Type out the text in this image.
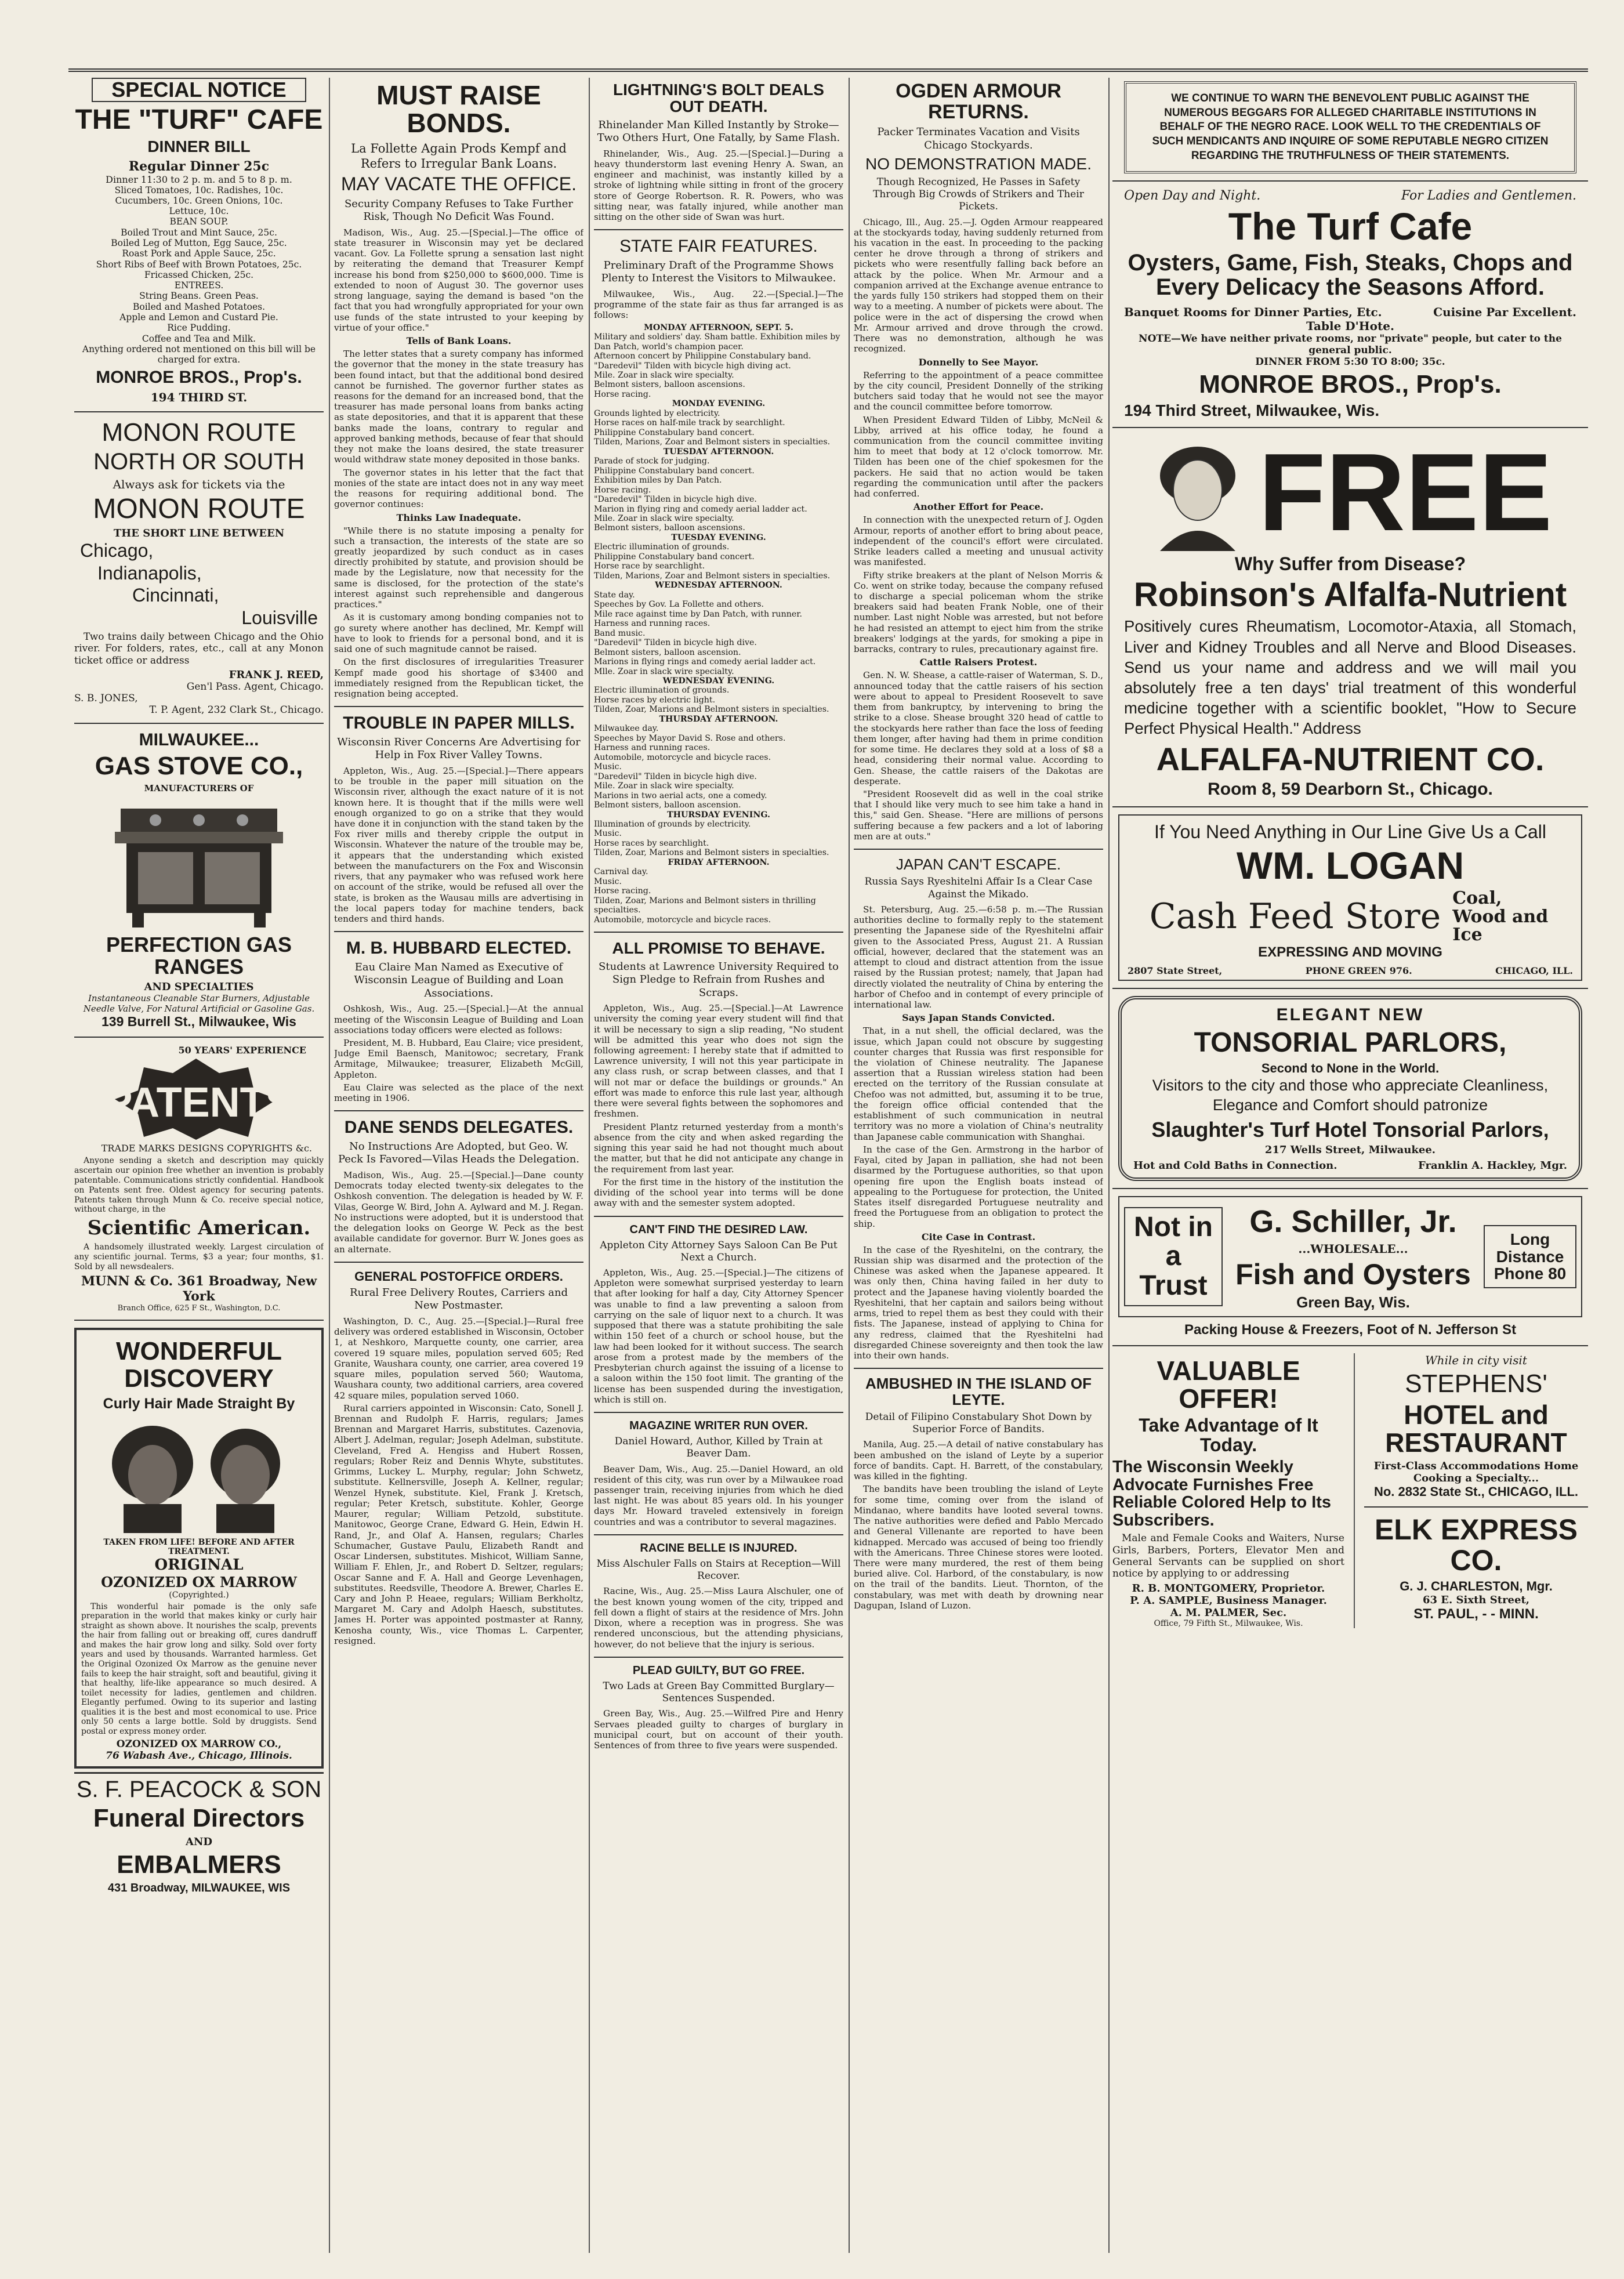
SPECIAL NOTICE
THE "TURF" CAFE
DINNER BILL
Regular Dinner 25c
Dinner 11:30 to 2 p. m. and 5 to 8 p. m.
Sliced Tomatoes, 10c. Radishes, 10c.
Cucumbers, 10c. Green Onions, 10c.
Lettuce, 10c.
BEAN SOUP.
Boiled Trout and Mint Sauce, 25c.
Boiled Leg of Mutton, Egg Sauce, 25c.
Roast Pork and Apple Sauce, 25c.
Short Ribs of Beef with Brown Potatoes, 25c.
Fricassed Chicken, 25c.
ENTREES.
String Beans. Green Peas.
Boiled and Mashed Potatoes.
Apple and Lemon and Custard Pie.
Rice Pudding.
Coffee and Tea and Milk.
Anything ordered not mentioned on this bill will be charged for extra.
MONROE BROS., Prop's.
194 THIRD ST.
MONON ROUTE
NORTH OR SOUTH
Always ask for tickets via the
MONON ROUTE
THE SHORT LINE BETWEEN
Chicago,
Indianapolis,
Cincinnati,
Louisville
Two trains daily between Chicago and the Ohio river. For folders, rates, etc., call at any Monon ticket office or address
FRANK J. REED,
Gen'l Pass. Agent, Chicago.
S. B. JONES,
T. P. Agent, 232 Clark St., Chicago.
MILWAUKEE...
GAS STOVE CO.,
MANUFACTURERS OF
PERFECTION GAS RANGES
AND SPECIALTIES
Instantaneous Cleanable Star Burners, Adjustable Needle Valve, For Natural Artificial or Gasoline Gas.
139 Burrell St., Milwaukee, Wis
50 YEARS' EXPERIENCE
PATENTS
TRADE MARKS DESIGNS COPYRIGHTS &c.
Anyone sending a sketch and description may quickly ascertain our opinion free whether an invention is probably patentable. Communications strictly confidential. Handbook on Patents sent free. Oldest agency for securing patents. Patents taken through Munn & Co. receive special notice, without charge, in the
Scientific American.
A handsomely illustrated weekly. Largest circulation of any scientific journal. Terms, $3 a year; four months, $1. Sold by all newsdealers.
MUNN & Co. 361 Broadway, New York
Branch Office, 625 F St., Washington, D.C.
WONDERFUL DISCOVERY
Curly Hair Made Straight By
TAKEN FROM LIFE! BEFORE AND AFTER TREATMENT.
ORIGINAL
OZONIZED OX MARROW
(Copyrighted.)
This wonderful hair pomade is the only safe preparation in the world that makes kinky or curly hair straight as shown above. It nourishes the scalp, prevents the hair from falling out or breaking off, cures dandruff and makes the hair grow long and silky. Sold over forty years and used by thousands. Warranted harmless. Get the Original Ozonized Ox Marrow as the genuine never fails to keep the hair straight, soft and beautiful, giving it that healthy, life-like appearance so much desired. A toilet necessity for ladies, gentlemen and children. Elegantly perfumed. Owing to its superior and lasting qualities it is the best and most economical to use. Price only 50 cents a large bottle. Sold by druggists. Send postal or express money order.
OZONIZED OX MARROW CO.,
76 Wabash Ave., Chicago, Illinois.
S. F. PEACOCK & SON
Funeral Directors
AND
EMBALMERS
431 Broadway, MILWAUKEE, WIS
MUST RAISE BONDS.
La Follette Again Prods Kempf and Refers to Irregular Bank Loans.
MAY VACATE THE OFFICE.
Security Company Refuses to Take Further Risk, Though No Deficit Was Found.

Madison, Wis., Aug. 25.—[Special.]—The office of state treasurer in Wisconsin may yet be declared vacant. Gov. La Follette sprung a sensation last night by reiterating the demand that Treasurer Kempf increase his bond from $250,000 to $600,000. Time is extended to noon of August 30. The governor uses strong language, saying the demand is based "on the fact that you had wrongfully appropriated for your own use funds of the state intrusted to your keeping by virtue of your office."

Tells of Bank Loans.

The letter states that a surety company has informed the governor that the money in the state treasury has been found intact, but that the additional bond desired cannot be furnished. The governor further states as reasons for the demand for an increased bond, that the treasurer has made personal loans from banks acting as state depositories, and that it is apparent that these banks made the loans, contrary to regular and approved banking methods, because of fear that should they not make the loans desired, the state treasurer would withdraw state money deposited in those banks.

The governor states in his letter that the fact that monies of the state are intact does not in any way meet the reasons for requiring additional bond. The governor continues:

Thinks Law Inadequate.

"While there is no statute imposing a penalty for such a transaction, the interests of the state are so greatly jeopardized by such conduct as in cases directly prohibited by statute, and provision should be made by the Legislature, now that necessity for the same is disclosed, for the protection of the state's interest against such reprehensible and dangerous practices."

As it is customary among bonding companies not to go surety where another has declined, Mr. Kempf will have to look to friends for a personal bond, and it is said one of such magnitude cannot be raised.

On the first disclosures of irregularities Treasurer Kempf made good his shortage of $3400 and immediately resigned from the Republican ticket, the resignation being accepted.

TROUBLE IN PAPER MILLS.
Wisconsin River Concerns Are Advertising for Help in Fox River Valley Towns.

Appleton, Wis., Aug. 25.—[Special.]—There appears to be trouble in the paper mill situation on the Wisconsin river, although the exact nature of it is not known here. It is thought that if the mills were well enough organized to go on a strike that they would have done it in conjunction with the stand taken by the Fox river mills and thereby cripple the output in Wisconsin. Whatever the nature of the trouble may be, it appears that the understanding which existed between the manufacturers on the Fox and Wisconsin rivers, that any paymaker who was refused work here on account of the strike, would be refused all over the state, is broken as the Wausau mills are advertising in the local papers today for machine tenders, back tenders and third hands.

M. B. HUBBARD ELECTED.
Eau Claire Man Named as Executive of Wisconsin League of Building and Loan Associations.

Oshkosh, Wis., Aug. 25.—[Special.]—At the annual meeting of the Wisconsin League of Building and Loan associations today officers were elected as follows:

President, M. B. Hubbard, Eau Claire; vice president, Judge Emil Baensch, Manitowoc; secretary, Frank Armitage, Milwaukee; treasurer, Elizabeth McGill, Appleton.

Eau Claire was selected as the place of the next meeting in 1906.

DANE SENDS DELEGATES.
No Instructions Are Adopted, but Geo. W. Peck Is Favored—Vilas Heads the Delegation.

Madison, Wis., Aug. 25.—[Special.]—Dane county Democrats today elected twenty-six delegates to the Oshkosh convention. The delegation is headed by W. F. Vilas, George W. Bird, John A. Aylward and M. J. Regan. No instructions were adopted, but it is understood that the delegation looks on George W. Peck as the best available candidate for governor. Burr W. Jones goes as an alternate.

GENERAL POSTOFFICE ORDERS.
Rural Free Delivery Routes, Carriers and New Postmaster.

Washington, D. C., Aug. 25.—[Special.]—Rural free delivery was ordered established in Wisconsin, October 1, at Neshkoro, Marquette county, one carrier, area covered 19 square miles, population served 605; Red Granite, Waushara county, one carrier, area covered 19 square miles, population served 560; Wautoma, Waushara county, two additional carriers, area covered 42 square miles, population served 1060.

Rural carriers appointed in Wisconsin: Cato, Sonell J. Brennan and Rudolph F. Harris, regulars; James Brennan and Margaret Harris, substitutes. Cazenovia, Albert J. Adelman, regular; Joseph Adelman, substitute. Cleveland, Fred A. Hengiss and Hubert Rossen, regulars; Rober Reiz and Dennis Whyte, substitutes. Grimms, Luckey L. Murphy, regular; John Schwetz, substitute. Kellnersville, Joseph A. Kellner, regular; Wenzel Hynek, substitute. Kiel, Frank J. Kretsch, regular; Peter Kretsch, substitute. Kohler, George Maurer, regular; William Petzold, substitute. Manitowoc, George Crane, Edward G. Hein, Edwin H. Rand, Jr., and Olaf A. Hansen, regulars; Charles Schumacher, Gustave Paulu, Elizabeth Randt and Oscar Lindersen, substitutes. Mishicot, William Sanne, William F. Ehlen, Jr., and Robert D. Seltzer, regulars; Oscar Sanne and F. A. Hall and George Levenhagen, substitutes. Reedsville, Theodore A. Brewer, Charles E. Cary and John P. Heaee, regulars; William Berkholtz, Margaret M. Cary and Adolph Haesch, substitutes. James H. Porter was appointed postmaster at Ranny, Kenosha county, Wis., vice Thomas L. Carpenter, resigned.

LIGHTNING'S BOLT DEALS OUT DEATH.
Rhinelander Man Killed Instantly by Stroke—Two Others Hurt, One Fatally, by Same Flash.

Rhinelander, Wis., Aug. 25.—[Special.]—During a heavy thunderstorm last evening Henry A. Swan, an engineer and machinist, was instantly killed by a stroke of lightning while sitting in front of the grocery store of George Robertson. R. R. Powers, who was sitting near, was fatally injured, while another man sitting on the other side of Swan was hurt.

STATE FAIR FEATURES.
Preliminary Draft of the Programme Shows Plenty to Interest the Visitors to Milwaukee.

Milwaukee, Wis., Aug. 22.—[Special.]—The programme of the state fair as thus far arranged is as follows:

MONDAY AFTERNOON, SEPT. 5.
Military and soldiers' day. Sham battle. Exhibition miles by Dan Patch, world's champion pacer.
Afternoon concert by Philippine Constabulary band.
"Daredevil" Tilden with bicycle high diving act.
Mile. Zoar in slack wire specialty.
Belmont sisters, balloon ascensions.
Horse racing.
MONDAY EVENING.
Grounds lighted by electricity.
Horse races on half-mile track by searchlight.
Philippine Constabulary band concert.
Tilden, Marions, Zoar and Belmont sisters in specialties.
TUESDAY AFTERNOON.
Parade of stock for judging.
Philippine Constabulary band concert.
Exhibition miles by Dan Patch.
Horse racing.
"Daredevil" Tilden in bicycle high dive.
Marion in flying ring and comedy aerial ladder act.
Mile. Zoar in slack wire specialty.
Belmont sisters, balloon ascensions.
TUESDAY EVENING.
Electric illumination of grounds.
Philippine Constabulary band concert.
Horse race by searchlight.
Tilden, Marions, Zoar and Belmont sisters in specialties.
WEDNESDAY AFTERNOON.
State day.
Speeches by Gov. La Follette and others.
Mile race against time by Dan Patch, with runner.
Harness and running races.
Band music.
"Daredevil" Tilden in bicycle high dive.
Belmont sisters, balloon ascension.
Marions in flying rings and comedy aerial ladder act.
Mlle. Zoar in slack wire specialty.
WEDNESDAY EVENING.
Electric illumination of grounds.
Horse races by electric light.
Tilden, Zoar, Marions and Belmont sisters in specialties.
THURSDAY AFTERNOON.
Milwaukee day.
Speeches by Mayor David S. Rose and others.
Harness and running races.
Automobile, motorcycle and bicycle races.
Music.
"Daredevil" Tilden in bicycle high dive.
Mile. Zoar in slack wire specialty.
Marions in two aerial acts, one a comedy.
Belmont sisters, balloon ascension.
THURSDAY EVENING.
Illumination of grounds by electricity.
Music.
Horse races by searchlight.
Tilden, Zoar, Marions and Belmont sisters in specialties.
FRIDAY AFTERNOON.
Carnival day.
Music.
Horse racing.
Tilden, Zoar, Marions and Belmont sisters in thrilling specialties.
Automobile, motorcycle and bicycle races.
ALL PROMISE TO BEHAVE.
Students at Lawrence University Required to Sign Pledge to Refrain from Rushes and Scraps.

Appleton, Wis., Aug. 25.—[Special.]—At Lawrence university the coming year every student will find that it will be necessary to sign a slip reading, "No student will be admitted this year who does not sign the following agreement: I hereby state that if admitted to Lawrence university, I will not this year participate in any class rush, or scrap between classes, and that I will not mar or deface the buildings or grounds." An effort was made to enforce this rule last year, although there were several fights between the sophomores and freshmen.

President Plantz returned yesterday from a month's absence from the city and when asked regarding the signing this year said he had not thought much about the matter, but that he did not anticipate any change in the requirement from last year.

For the first time in the history of the institution the dividing of the school year into terms will be done away with and the semester system adopted.

CAN'T FIND THE DESIRED LAW.
Appleton City Attorney Says Saloon Can Be Put Next a Church.

Appleton, Wis., Aug. 25.—[Special.]—The citizens of Appleton were somewhat surprised yesterday to learn that after looking for half a day, City Attorney Spencer was unable to find a law preventing a saloon from carrying on the sale of liquor next to a church. It was supposed that there was a statute prohibiting the sale within 150 feet of a church or school house, but the law had been looked for it without success. The search arose from a protest made by the members of the Presbyterian church against the issuing of a license to a saloon within the 150 foot limit. The granting of the license has been suspended during the investigation, which is still on.

MAGAZINE WRITER RUN OVER.
Daniel Howard, Author, Killed by Train at Beaver Dam.

Beaver Dam, Wis., Aug. 25.—Daniel Howard, an old resident of this city, was run over by a Milwaukee road passenger train, receiving injuries from which he died last night. He was about 85 years old. In his younger days Mr. Howard traveled extensively in foreign countries and was a contributor to several magazines.

RACINE BELLE IS INJURED.
Miss Alschuler Falls on Stairs at Reception—Will Recover.

Racine, Wis., Aug. 25.—Miss Laura Alschuler, one of the best known young women of the city, tripped and fell down a flight of stairs at the residence of Mrs. John Dixon, where a reception was in progress. She was rendered unconscious, but the attending physicians, however, do not believe that the injury is serious.

PLEAD GUILTY, BUT GO FREE.
Two Lads at Green Bay Committed Burglary—Sentences Suspended.

Green Bay, Wis., Aug. 25.—Wilfred Pire and Henry Servaes pleaded guilty to charges of burglary in municipal court, but on account of their youth. Sentences of from three to five years were suspended.

OGDEN ARMOUR RETURNS.
Packer Terminates Vacation and Visits Chicago Stockyards.
NO DEMONSTRATION MADE.
Though Recognized, He Passes in Safety Through Big Crowds of Strikers and Their Pickets.

Chicago, Ill., Aug. 25.—J. Ogden Armour reappeared at the stockyards today, having suddenly returned from his vacation in the east. In proceeding to the packing center he drove through a throng of strikers and pickets who were resentfully falling back before an attack by the police. When Mr. Armour and a companion arrived at the Exchange avenue entrance to the yards fully 150 strikers had stopped them on their way to a meeting. A number of pickets were about. The police were in the act of dispersing the crowd when Mr. Armour arrived and drove through the crowd. There was no demonstration, although he was recognized.

Donnelly to See Mayor.

Referring to the appointment of a peace committee by the city council, President Donnelly of the striking butchers said today that he would not see the mayor and the council committee before tomorrow.

When President Edward Tilden of Libby, McNeil & Libby, arrived at his office today, he found a communication from the council committee inviting him to meet that body at 12 o'clock tomorrow. Mr. Tilden has been one of the chief spokesmen for the packers. He said that no action would be taken regarding the communication until after the packers had conferred.

Another Effort for Peace.

In connection with the unexpected return of J. Ogden Armour, reports of another effort to bring about peace, independent of the council's effort were circulated. Strike leaders called a meeting and unusual activity was manifested.

Fifty strike breakers at the plant of Nelson Morris & Co. went on strike today, because the company refused to discharge a special policeman whom the strike breakers said had beaten Frank Noble, one of their number. Last night Noble was arrested, but not before he had resisted an attempt to eject him from the strike breakers' lodgings at the yards, for smoking a pipe in barracks, contrary to rules, precautionary against fire.

Cattle Raisers Protest.

Gen. N. W. Shease, a cattle-raiser of Waterman, S. D., announced today that the cattle raisers of his section were about to appeal to President Roosevelt to save them from bankruptcy, by intervening to bring the strike to a close. Shease brought 320 head of cattle to the stockyards here rather than face the loss of feeding them longer, after having had them in prime condition for some time. He declares they sold at a loss of $8 a head, considering their normal value. According to Gen. Shease, the cattle raisers of the Dakotas are desperate.

"President Roosevelt did as well in the coal strike that I should like very much to see him take a hand in this," said Gen. Shease. "Here are millions of persons suffering because a few packers and a lot of laboring men are at outs."

JAPAN CAN'T ESCAPE.
Russia Says Ryeshitelni Affair Is a Clear Case Against the Mikado.

St. Petersburg, Aug. 25.—6:58 p. m.—The Russian authorities decline to formally reply to the statement presenting the Japanese side of the Ryeshitelni affair given to the Associated Press, August 21. A Russian official, however, declared that the statement was an attempt to cloud and distract attention from the issue raised by the Russian protest; namely, that Japan had directly violated the neutrality of China by entering the harbor of Chefoo and in contempt of every principle of international law.

Says Japan Stands Convicted.

That, in a nut shell, the official declared, was the issue, which Japan could not obscure by suggesting counter charges that Russia was first responsible for the violation of Chinese neutrality. The Japanese assertion that a Russian wireless station had been erected on the territory of the Russian consulate at Chefoo was not admitted, but, assuming it to be true, the foreign office official contended that the establishment of such communication in neutral territory was no more a violation of China's neutrality than Japanese cable communication with Shanghai.

In the case of the Gen. Armstrong in the harbor of Fayal, cited by Japan in palliation, she had not been disarmed by the Portuguese authorities, so that upon opening fire upon the English boats instead of appealing to the Portuguese for protection, the United States itself disregarded Portuguese neutrality and freed the Portuguese from an obligation to protect the ship.

Cite Case in Contrast.

In the case of the Ryeshitelni, on the contrary, the Russian ship was disarmed and the protection of the Chinese was asked when the Japanese appeared. It was only then, China having failed in her duty to protect and the Japanese having violently boarded the Ryeshitelni, that her captain and sailors being without arms, tried to repel them as best they could with their fists. The Japanese, instead of applying to China for any redress, claimed that the Ryeshitelni had disregarded Chinese sovereignty and then took the law into their own hands.

AMBUSHED IN THE ISLAND OF LEYTE.
Detail of Filipino Constabulary Shot Down by Superior Force of Bandits.

Manila, Aug. 25.—A detail of native constabulary has been ambushed on the island of Leyte by a superior force of bandits. Capt. H. Barrett, of the constabulary, was killed in the fighting.

The bandits have been troubling the island of Leyte for some time, coming over from the island of Mindanao, where bandits have looted several towns. The native authorities were defied and Pablo Mercado and General Villenante are reported to have been kidnapped. Mercado was accused of being too friendly with the Americans. Three Chinese stores were looted. There were many murdered, the rest of them being buried alive. Col. Harbord, of the constabulary, is now on the trail of the bandits. Lieut. Thornton, of the constabulary, was met with death by drowning near Dagupan, Island of Luzon.

WE CONTINUE TO WARN THE BENEVOLENT PUBLIC AGAINST THE NUMEROUS BEGGARS FOR ALLEGED CHARITABLE INSTITUTIONS IN BEHALF OF THE NEGRO RACE. LOOK WELL TO THE CREDENTIALS OF SUCH MENDICANTS AND INQUIRE OF SOME REPUTABLE NEGRO CITIZEN REGARDING THE TRUTHFULNESS OF THEIR STATEMENTS.
Open Day and Night.	For Ladies and Gentlemen.
The Turf Cafe
Oysters, Game, Fish, Steaks, Chops and Every Delicacy the Seasons Afford.
Banquet Rooms for Dinner Parties, Etc.	Cuisine Par Excellent.
Table D'Hote.
NOTE—We have neither private rooms, nor "private" people, but cater to the general public.
DINNER FROM 5:30 TO 8:00; 35c.
MONROE BROS., Prop's.
194 Third Street, Milwaukee, Wis.
FREE
Why Suffer from Disease?
Robinson's Alfalfa-Nutrient
Positively cures Rheumatism, Locomotor-Ataxia, all Stomach, Liver and Kidney Troubles and all Nerve and Blood Diseases. Send us your name and address and we will mail you absolutely free a ten days' trial treatment of this wonderful medicine together with a scientific booklet, "How to Secure Perfect Physical Health." Address
ALFALFA-NUTRIENT CO.
Room 8, 59 Dearborn St., Chicago.
If You Need Anything in Our Line Give Us a Call
WM. LOGAN
Cash Feed Store Coal, Wood and Ice
EXPRESSING AND MOVING
2807 State Street,	PHONE GREEN 976.	CHICAGO, ILL.
ELEGANT NEW
TONSORIAL PARLORS,
Second to None in the World.
Visitors to the city and those who appreciate Cleanliness, Elegance and Comfort should patronize
Slaughter's Turf Hotel Tonsorial Parlors,
217 Wells Street, Milwaukee.
Hot and Cold Baths in Connection.	Franklin A. Hackley, Mgr.
Not in a Trust
G. Schiller, Jr.
...WHOLESALE...
Fish and Oysters
Green Bay, Wis.
Long Distance Phone 80
Packing House & Freezers, Foot of N. Jefferson St
VALUABLE OFFER!
Take Advantage of It Today.
The Wisconsin Weekly Advocate Furnishes Free Reliable Colored Help to Its Subscribers.
Male and Female Cooks and Waiters, Nurse Girls, Barbers, Porters, Elevator Men and General Servants can be supplied on short notice by applying to or addressing
R. B. MONTGOMERY, Proprietor.
P. A. SAMPLE, Business Manager.
A. M. PALMER, Sec.
Office, 79 Fifth St., Milwaukee, Wis.
While in city visit
STEPHENS'
HOTEL and RESTAURANT
First-Class Accommodations Home Cooking a Specialty...
No. 2832 State St., CHICAGO, ILL.
ELK EXPRESS CO.
G. J. CHARLESTON, Mgr.
63 E. Sixth Street,
ST. PAUL, - - MINN.
